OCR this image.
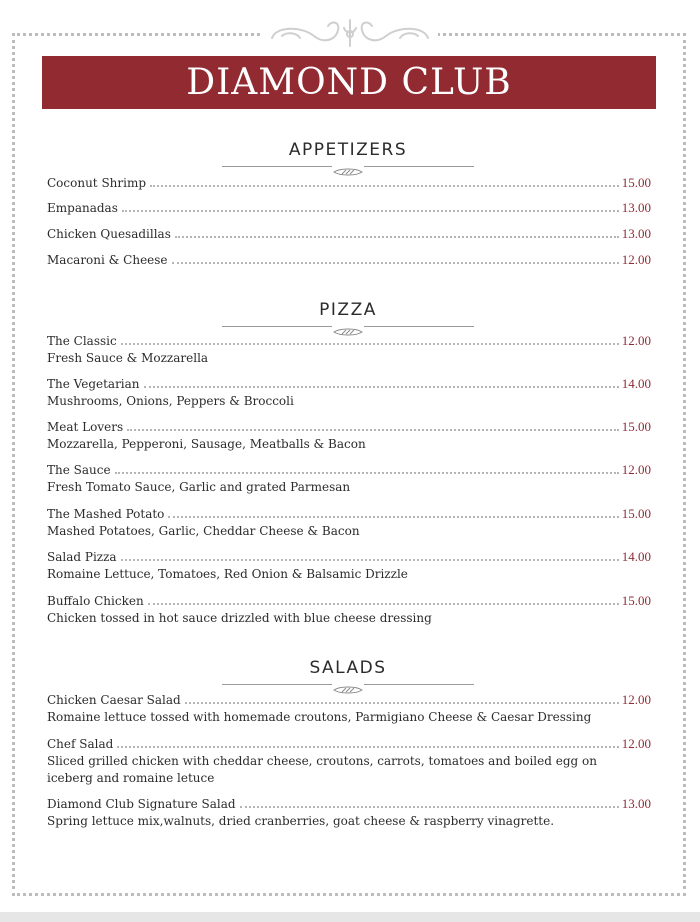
DIAMOND CLUB
APPETIZERS
Coconut Shrimp	15.00
Empanadas	13.00
Chicken Quesadillas	13.00
Macaroni & Cheese	12.00
PIZZA
The Classic	12.00
Fresh Sauce & Mozzarella
The Vegetarian	14.00
Mushrooms, Onions, Peppers & Broccoli
Meat Lovers	15.00
Mozzarella, Pepperoni, Sausage, Meatballs & Bacon
The Sauce	12.00
Fresh Tomato Sauce, Garlic and grated Parmesan
The Mashed Potato	15.00
Mashed Potatoes, Garlic, Cheddar Cheese & Bacon
Salad Pizza	14.00
Romaine Lettuce, Tomatoes, Red Onion & Balsamic Drizzle
Buffalo Chicken	15.00
Chicken tossed in hot sauce drizzled with blue cheese dressing
SALADS
Chicken Caesar Salad	12.00
Romaine lettuce tossed with homemade croutons, Parmigiano Cheese & Caesar Dressing
Chef Salad	12.00
Sliced grilled chicken with cheddar cheese, croutons, carrots, tomatoes and boiled egg on iceberg and romaine letuce
Diamond Club Signature Salad	13.00
Spring lettuce mix,walnuts, dried cranberries, goat cheese & raspberry vinagrette.
